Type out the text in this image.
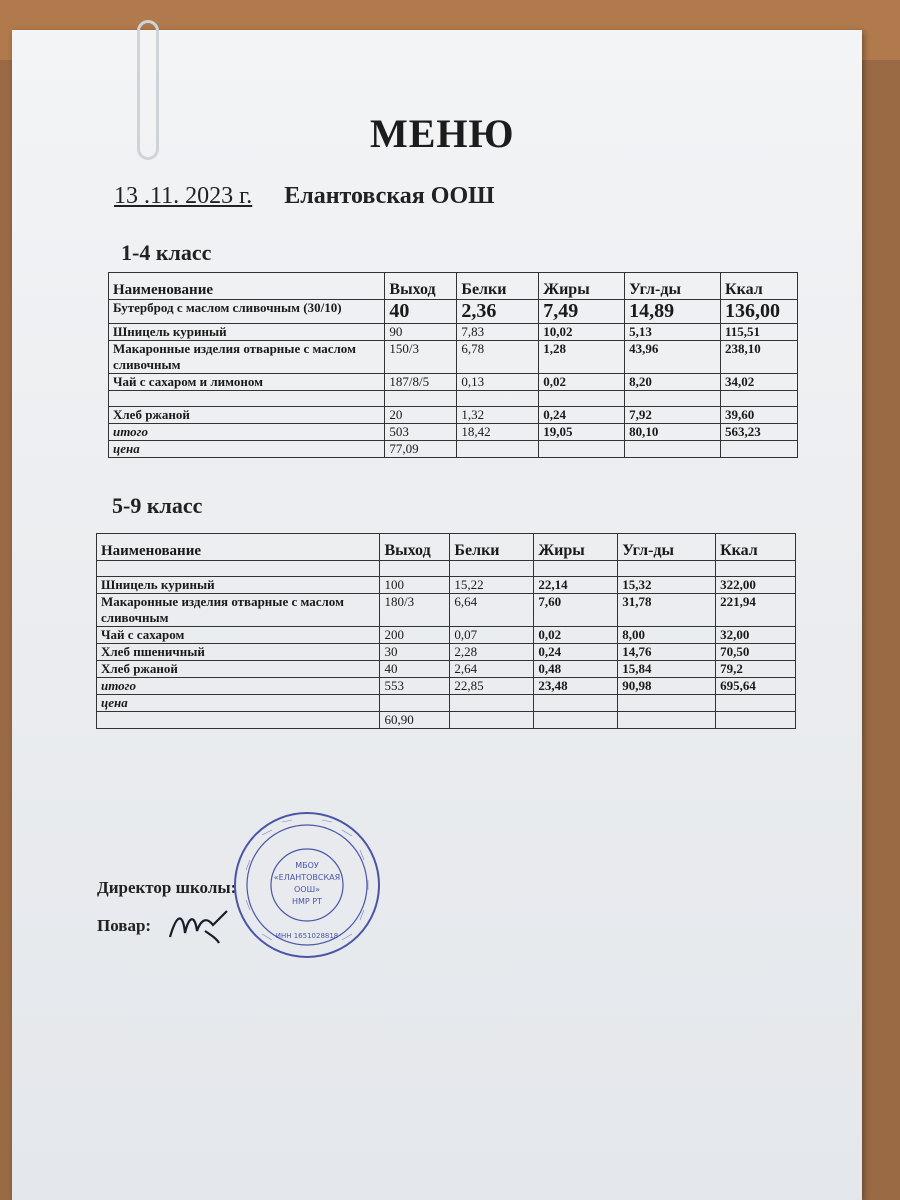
МЕНЮ
13 .11. 2023 г. Елантовская ООШ
1-4 класс
Наименование	Выход	Белки	Жиры	Угл-ды	Ккал
Бутерброд с маслом сливочным (30/10)	40	2,36	7,49	14,89	136,00
Шницель куриный	90	7,83	10,02	5,13	115,51
Макаронные изделия отварные с маслом сливочным	150/3	6,78	1,28	43,96	238,10
Чай с сахаром и лимоном	187/8/5	0,13	0,02	8,20	34,02

Хлеб ржаной	20	1,32	0,24	7,92	39,60
итого	503	18,42	19,05	80,10	563,23
цена	77,09				
5-9 класс
Наименование	Выход	Белки	Жиры	Угл-ды	Ккал

Шницель куриный	100	15,22	22,14	15,32	322,00
Макаронные изделия отварные с маслом сливочным	180/3	6,64	7,60	31,78	221,94
Чай с сахаром	200	0,07	0,02	8,00	32,00
Хлеб пшеничный	30	2,28	0,24	14,76	70,50
Хлеб ржаной	40	2,64	0,48	15,84	79,2
итого	553	22,85	23,48	90,98	695,64
цена					
	60,90				
Директор школы:
Повар:
МБОУ
«ЕЛАНТОВСКАЯ
ООШ»
НМР РТ
ИНН 1651028818
